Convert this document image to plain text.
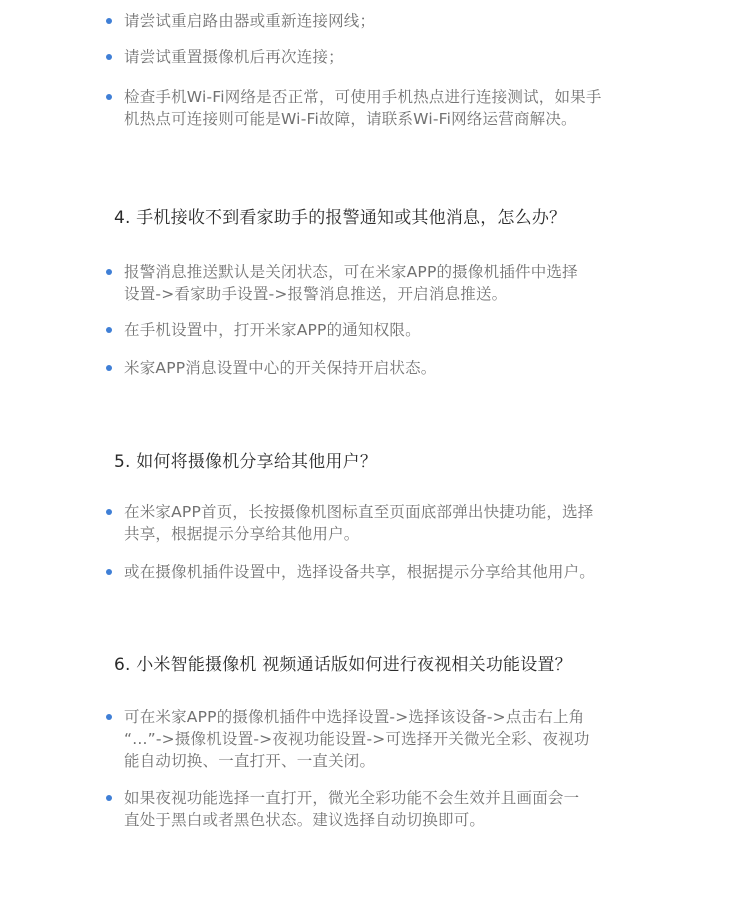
请尝试重启路由器或重新连接网线；
请尝试重置摄像机后再次连接；
检查手机Wi-Fi网络是否正常，可使用手机热点进行连接测试，如果手
机热点可连接则可能是Wi-Fi故障，请联系Wi-Fi网络运营商解决。
4. 手机接收不到看家助手的报警通知或其他消息，怎么办？
报警消息推送默认是关闭状态，可在米家APP的摄像机插件中选择
设置->看家助手设置->报警消息推送，开启消息推送。
在手机设置中，打开米家APP的通知权限。
米家APP消息设置中心的开关保持开启状态。
5. 如何将摄像机分享给其他用户？
在米家APP首页，长按摄像机图标直至页面底部弹出快捷功能，选择
共享，根据提示分享给其他用户。
或在摄像机插件设置中，选择设备共享，根据提示分享给其他用户。
6. 小米智能摄像机 视频通话版如何进行夜视相关功能设置？
可在米家APP的摄像机插件中选择设置->选择该设备->点击右上角
“...”->摄像机设置->夜视功能设置->可选择开关微光全彩、夜视功
能自动切换、一直打开、一直关闭。
如果夜视功能选择一直打开，微光全彩功能不会生效并且画面会一
直处于黑白或者黑色状态。建议选择自动切换即可。
